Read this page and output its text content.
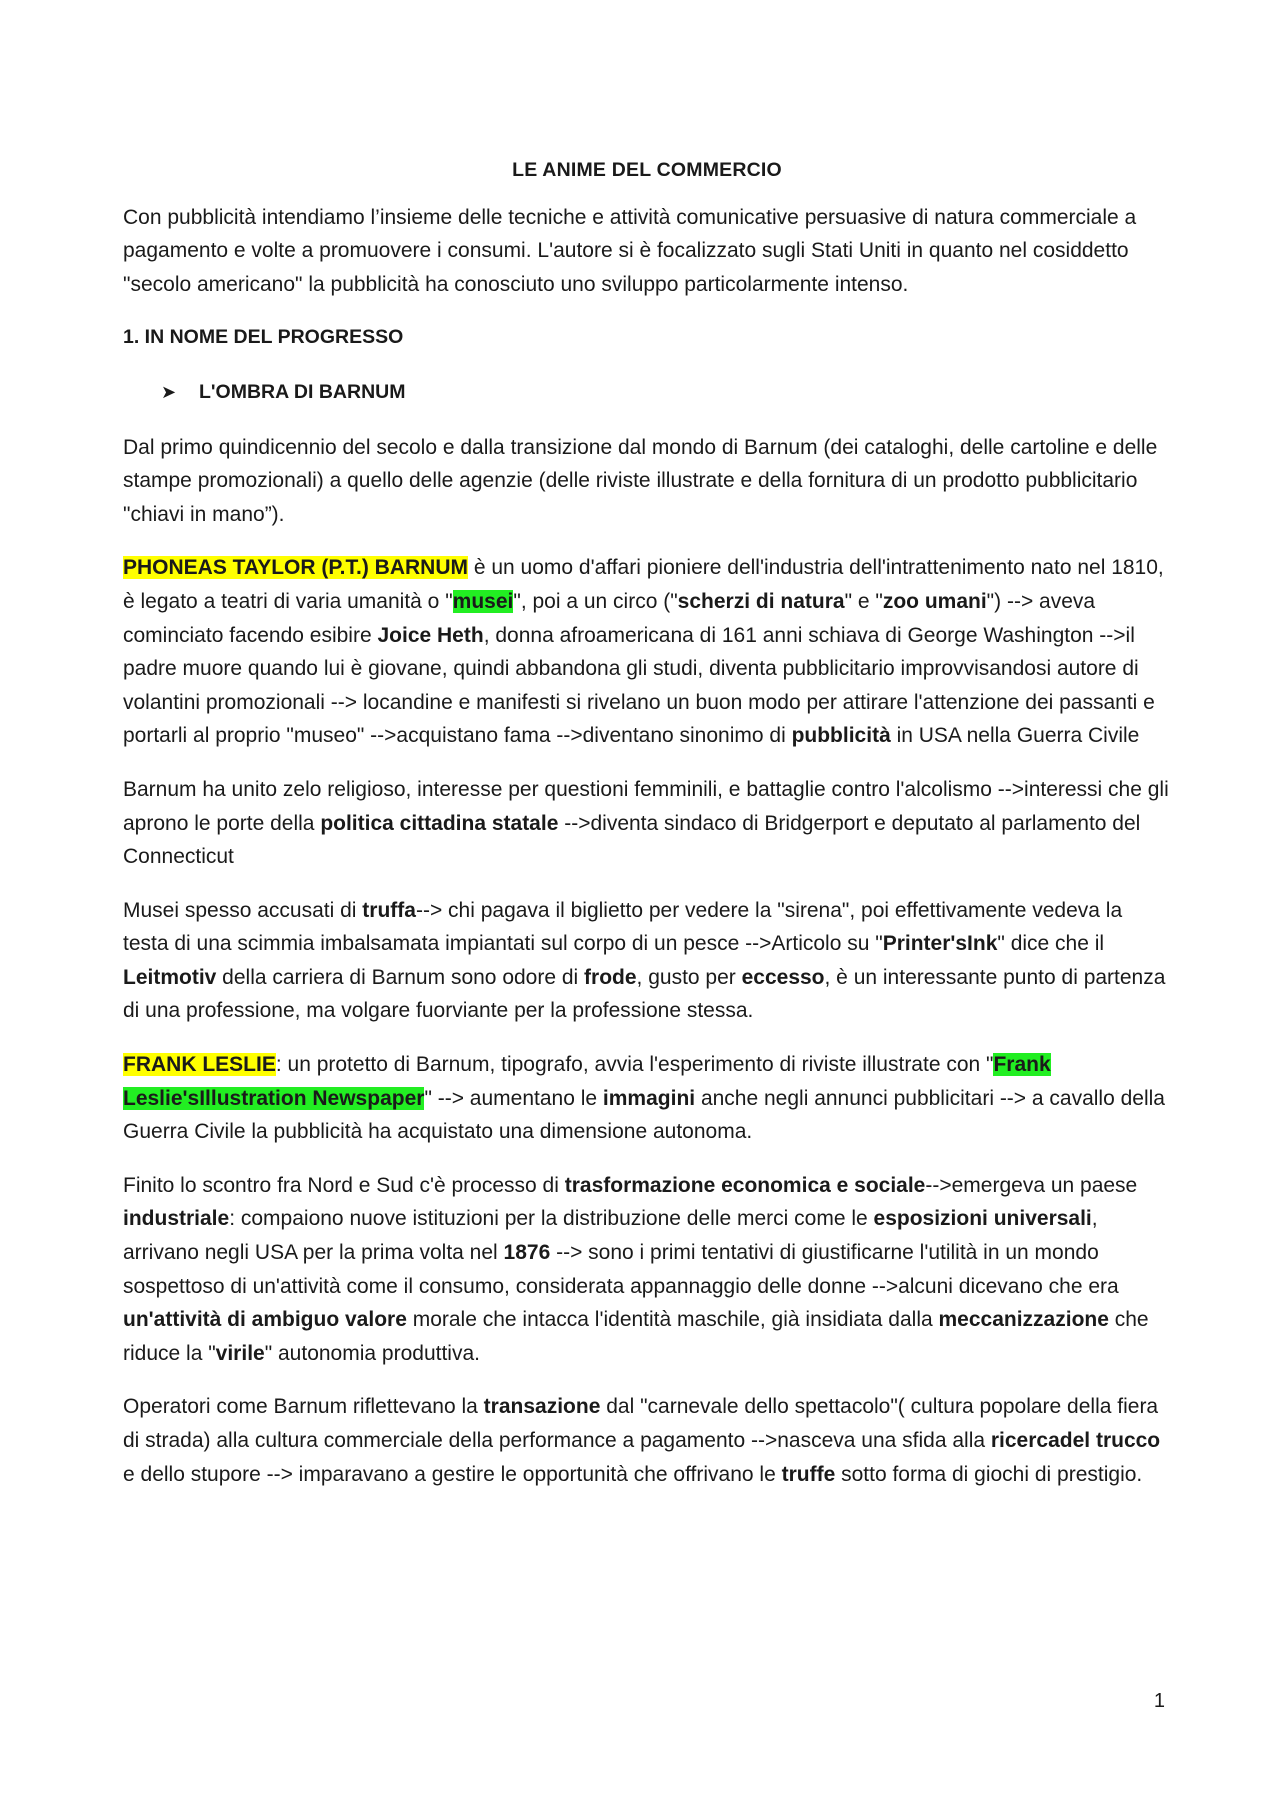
LE ANIME DEL COMMERCIO

Con pubblicità intendiamo l’insieme delle tecniche e attività comunicative persuasive di natura commerciale a pagamento e volte a promuovere i consumi. L'autore si è focalizzato sugli Stati Uniti in quanto nel cosiddetto "secolo americano" la pubblicità ha conosciuto uno sviluppo particolarmente intenso.

1. IN NOME DEL PROGRESSO
➤	L'OMBRA DI BARNUM

Dal primo quindicennio del secolo e dalla transizione dal mondo di Barnum (dei cataloghi, delle cartoline e delle stampe promozionali) a quello delle agenzie (delle riviste illustrate e della fornitura di un prodotto pubblicitario "chiavi in mano”).

PHONEAS TAYLOR (P.T.) BARNUM è un uomo d'affari pioniere dell'industria dell'intrattenimento nato nel 1810, è legato a teatri di varia umanità o "musei", poi a un circo ("scherzi di natura" e "zoo umani") --> aveva cominciato facendo esibire Joice Heth, donna afroamericana di 161 anni schiava di George Washington -->il padre muore quando lui è giovane, quindi abbandona gli studi, diventa pubblicitario improvvisandosi autore di volantini promozionali --> locandine e manifesti si rivelano un buon modo per attirare l'attenzione dei passanti e portarli al proprio "museo" -->acquistano fama -->diventano sinonimo di pubblicità in USA nella Guerra Civile

Barnum ha unito zelo religioso, interesse per questioni femminili, e battaglie contro l'alcolismo -->interessi che gli aprono le porte della politica cittadina statale -->diventa sindaco di Bridgerport e deputato al parlamento del Connecticut

Musei spesso accusati di truffa--> chi pagava il biglietto per vedere la "sirena", poi effettivamente vedeva la testa di una scimmia imbalsamata impiantati sul corpo di un pesce -->Articolo su "Printer'sInk" dice che il Leitmotiv della carriera di Barnum sono odore di frode, gusto per eccesso, è un interessante punto di partenza di una professione, ma volgare fuorviante per la professione stessa.

FRANK LESLIE: un protetto di Barnum, tipografo, avvia l'esperimento di riviste illustrate con "Frank Leslie'sIllustration Newspaper" --> aumentano le immagini anche negli annunci pubblicitari --> a cavallo della Guerra Civile la pubblicità ha acquistato una dimensione autonoma.

Finito lo scontro fra Nord e Sud c'è processo di trasformazione economica e sociale-->emergeva un paese industriale: compaiono nuove istituzioni per la distribuzione delle merci come le esposizioni universali, arrivano negli USA per la prima volta nel 1876 --> sono i primi tentativi di giustificarne l'utilità in un mondo sospettoso di un'attività come il consumo, considerata appannaggio delle donne -->alcuni dicevano che era un'attività di ambiguo valore morale che intacca l'identità maschile, già insidiata dalla meccanizzazione che riduce la "virile" autonomia produttiva.

Operatori come Barnum riflettevano la transazione dal "carnevale dello spettacolo"( cultura popolare della fiera di strada) alla cultura commerciale della performance a pagamento -->nasceva una sfida alla ricercadel trucco e dello stupore --> imparavano a gestire le opportunità che offrivano le truffe sotto forma di giochi di prestigio.

1
